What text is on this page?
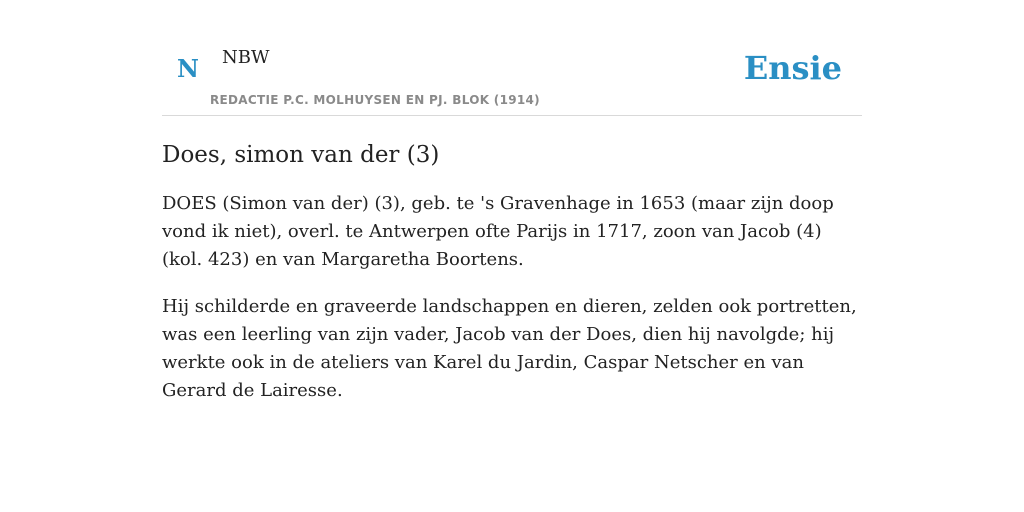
N NBW
REDACTIE P.C. MOLHUYSEN EN PJ. BLOK (1914)
Ensie
Does, simon van der (3)

DOES (Simon van der) (3), geb. te 's Gravenhage in 1653 (maar zijn doop vond ik niet), overl. te Antwerpen ofte Parijs in 1717, zoon van Jacob (4) (kol. 423) en van Margaretha Boortens.

Hij schilderde en graveerde landschappen en dieren, zelden ook portretten, was een leerling van zijn vader, Jacob van der Does, dien hij navolgde; hij werkte ook in de ateliers van Karel du Jardin, Caspar Netscher en van Gerard de Lairesse.
